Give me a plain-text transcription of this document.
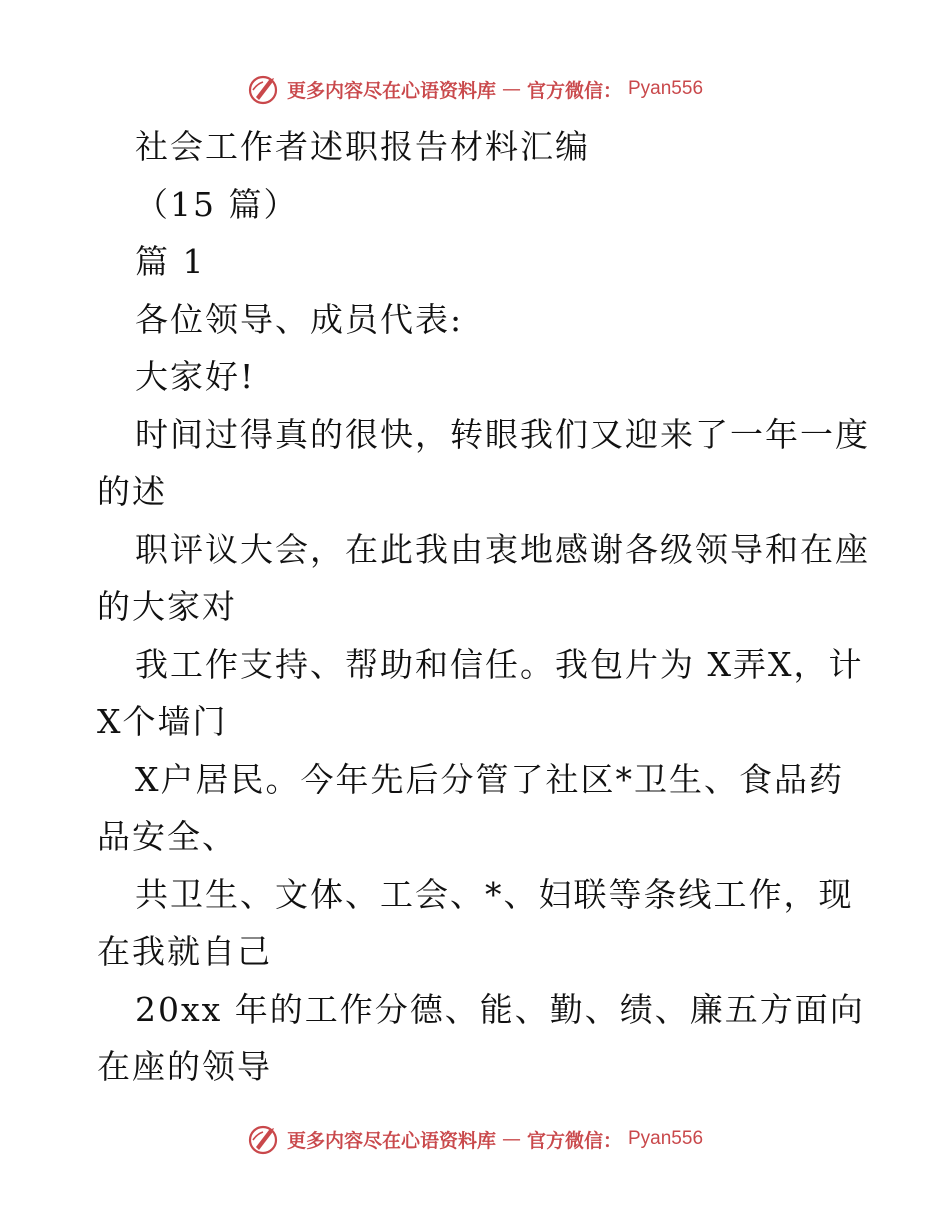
更多内容尽在心语资料库 — 官方微信： Pyan556
社会工作者述职报告材料汇编
（15 篇）
篇 1
各位领导、成员代表:
大家好!
时间过得真的很快，转眼我们又迎来了一年一度
的述
职评议大会，在此我由衷地感谢各级领导和在座
的大家对
我工作支持、帮助和信任。我包片为 X弄X，计
X个墙门
X户居民。今年先后分管了社区*卫生、食品药
品安全、
共卫生、文体、工会、*、妇联等条线工作，现
在我就自己
20xx 年的工作分德、能、勤、绩、廉五方面向
在座的领导
更多内容尽在心语资料库 — 官方微信： Pyan556
